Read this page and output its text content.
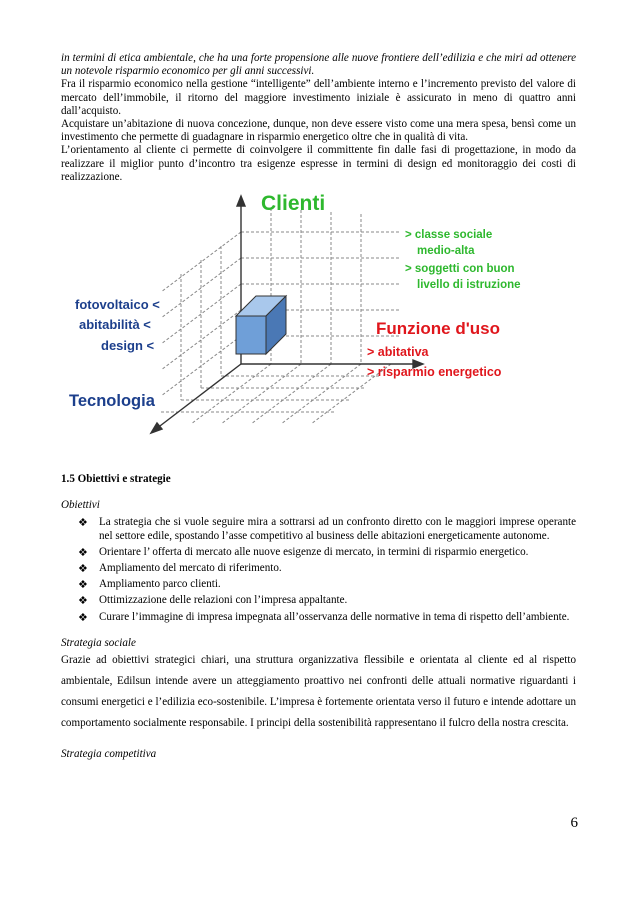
in termini di etica ambientale, che ha una forte propensione alle nuove frontiere dell’edilizia e che miri ad ottenere un notevole risparmio economico per gli anni successivi.

Fra il risparmio economico nella gestione “intelligente” dell’ambiente interno e l’incremento previsto del valore di mercato dell’immobile, il ritorno del maggiore investimento iniziale è assicurato in meno di quattro anni dall’acquisto.

Acquistare un’abitazione di nuova concezione, dunque, non deve essere visto come una mera spesa, bensì come un investimento che permette di guadagnare in risparmio energetico oltre che in qualità di vita.

L’orientamento al cliente ci permette di coinvolgere il committente fin dalle fasi di progettazione, in modo da realizzare il miglior punto d’incontro tra esigenze espresse in termini di design ed monitoraggio dei costi di realizzazione.

Clienti
> classe sociale
medio-alta
> soggetti con buon
livello di istruzione
fotovoltaico <
abitabilità <
design <
Tecnologia
Funzione d'uso
> abitativa
> risparmio energetico

1.5 Obiettivi e strategie

Obiettivi

❖ La strategia che si vuole seguire mira a sottrarsi ad un confronto diretto con le maggiori imprese operante nel settore edile, spostando l’asse competitivo al business delle abitazioni energeticamente autonome.
❖ Orientare l’ offerta di mercato alle nuove esigenze di mercato, in termini di risparmio energetico.
❖ Ampliamento del mercato di riferimento.
❖ Ampliamento parco clienti.
❖ Ottimizzazione delle relazioni con l’impresa appaltante.
❖ Curare l’immagine di impresa impegnata all’osservanza delle normative in tema di rispetto dell’ambiente.

Strategia sociale

Grazie ad obiettivi strategici chiari, una struttura organizzativa flessibile e orientata al cliente ed al rispetto ambientale, Edilsun intende avere un atteggiamento proattivo nei confronti delle attuali normative riguardanti i consumi energetici e l’edilizia eco-sostenibile. L’impresa è fortemente orientata verso il futuro e intende adottare un comportamento socialmente responsabile. I principi della sostenibilità rappresentano il fulcro della nostra crescita.

Strategia competitiva

6
